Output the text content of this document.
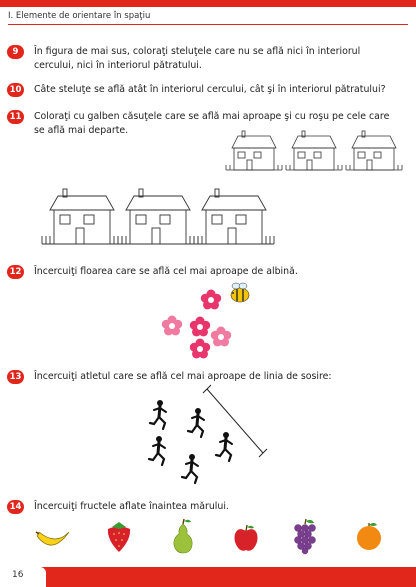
I. Elemente de orientare în spaţiu
9	În figura de mai sus, coloraţi steluţele care nu se află nici în interiorul cercului, nici în interiorul pătratului.
10 Câte steluţe se află atât în interiorul cercului, cât şi în interiorul pătratului?
11 Coloraţi cu galben căsuţele care se află mai aproape şi cu roşu pe cele care se află mai departe.
12 Încercuiţi floarea care se află cel mai aproape de albină.
13 Încercuiţi atletul care se află cel mai aproape de linia de sosire:
14 Încercuiţi fructele aflate înaintea mărului.
16
